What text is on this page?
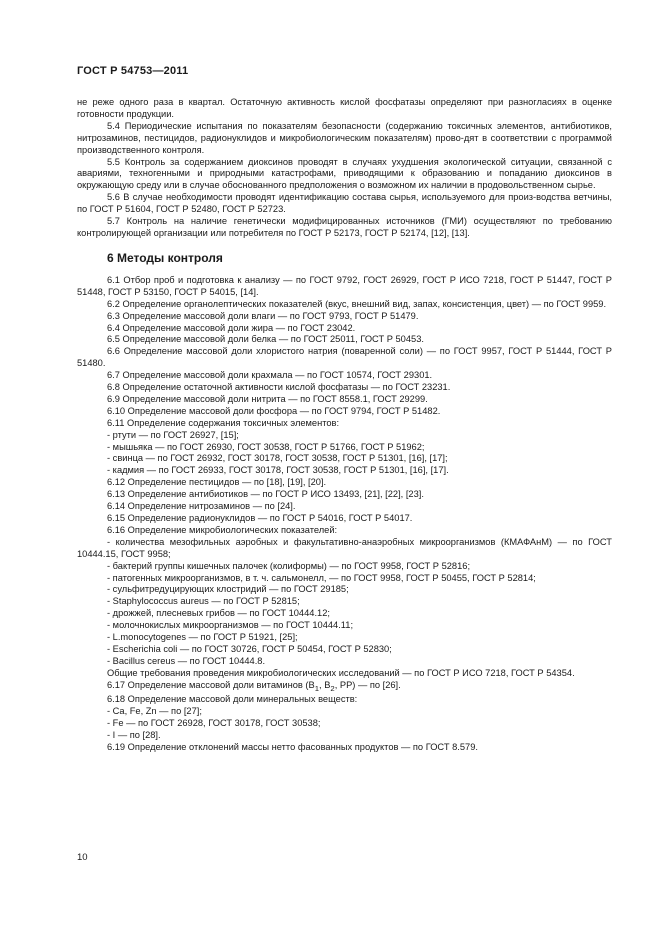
ГОСТ Р 54753—2011

не реже одного раза в квартал. Остаточную активность кислой фосфатазы определяют при разногласиях в оценке готовности продукции.

5.4 Периодические испытания по показателям безопасности (содержанию токсичных элементов, антибиотиков, нитрозаминов, пестицидов, радионуклидов и микробиологическим показателям) прово-дят в соответствии с программой производственного контроля.

5.5 Контроль за содержанием диоксинов проводят в случаях ухудшения экологической ситуации, связанной с авариями, техногенными и природными катастрофами, приводящими к образованию и попаданию диоксинов в окружающую среду или в случае обоснованного предположения о возможном их наличии в продовольственном сырье.

5.6 В случае необходимости проводят идентификацию состава сырья, используемого для произ-водства ветчины, по ГОСТ Р 51604, ГОСТ Р 52480, ГОСТ Р 52723.

5.7 Контроль на наличие генетически модифицированных источников (ГМИ) осуществляют по требованию контролирующей организации или потребителя по ГОСТ Р 52173, ГОСТ Р 52174, [12], [13].

6 Методы контроля

6.1 Отбор проб и подготовка к анализу — по ГОСТ 9792, ГОСТ 26929, ГОСТ Р ИСО 7218, ГОСТ Р 51447, ГОСТ Р 51448, ГОСТ Р 53150, ГОСТ Р 54015, [14].

6.2 Определение органолептических показателей (вкус, внешний вид, запах, консистенция, цвет) — по ГОСТ 9959.

6.3 Определение массовой доли влаги — по ГОСТ 9793, ГОСТ Р 51479.

6.4 Определение массовой доли жира — по ГОСТ 23042.

6.5 Определение массовой доли белка — по ГОСТ 25011, ГОСТ Р 50453.

6.6 Определение массовой доли хлористого натрия (поваренной соли) — по ГОСТ 9957, ГОСТ Р 51444, ГОСТ Р 51480.

6.7 Определение массовой доли крахмала — по ГОСТ 10574, ГОСТ 29301.

6.8 Определение остаточной активности кислой фосфатазы — по ГОСТ 23231.

6.9 Определение массовой доли нитрита — по ГОСТ 8558.1, ГОСТ 29299.

6.10 Определение массовой доли фосфора — по ГОСТ 9794, ГОСТ Р 51482.

6.11 Определение содержания токсичных элементов:

- ртути — по ГОСТ 26927, [15];

- мышьяка — по ГОСТ 26930, ГОСТ 30538, ГОСТ Р 51766, ГОСТ Р 51962;

- свинца — по ГОСТ 26932, ГОСТ 30178, ГОСТ 30538, ГОСТ Р 51301, [16], [17];

- кадмия — по ГОСТ 26933, ГОСТ 30178, ГОСТ 30538, ГОСТ Р 51301, [16], [17].

6.12 Определение пестицидов — по [18], [19], [20].

6.13 Определение антибиотиков — по ГОСТ Р ИСО 13493, [21], [22], [23].

6.14 Определение нитрозаминов — по [24].

6.15 Определение радионуклидов — по ГОСТ Р 54016, ГОСТ Р 54017.

6.16 Определение микробиологических показателей:

- количества мезофильных аэробных и факультативно-анаэробных микроорганизмов (КМАФАнМ) — по ГОСТ 10444.15, ГОСТ 9958;

- бактерий группы кишечных палочек (колиформы) — по ГОСТ 9958, ГОСТ Р 52816;

- патогенных микроорганизмов, в т. ч. сальмонелл, — по ГОСТ 9958, ГОСТ Р 50455, ГОСТ Р 52814;

- сульфитредуцирующих клостридий — по ГОСТ 29185;

- Staphylococcus aureus — по ГОСТ Р 52815;

- дрожжей, плесневых грибов — по ГОСТ 10444.12;

- молочнокислых микроорганизмов — по ГОСТ 10444.11;

- L.monocytogenes — по ГОСТ Р 51921, [25];

- Escherichia coli — по ГОСТ 30726, ГОСТ Р 50454, ГОСТ Р 52830;

- Bacillus cereus — по ГОСТ 10444.8.

Общие требования проведения микробиологических исследований — по ГОСТ Р ИСО 7218, ГОСТ Р 54354.

6.17 Определение массовой доли витаминов ($B_1$, $B_2$, PP) — по [26].

6.18 Определение массовой доли минеральных веществ:

- Ca, Fe, Zn — по [27];

- Fe — по ГОСТ 26928, ГОСТ 30178, ГОСТ 30538;

- I — по [28].

6.19 Определение отклонений массы нетто фасованных продуктов — по ГОСТ 8.579.

10
